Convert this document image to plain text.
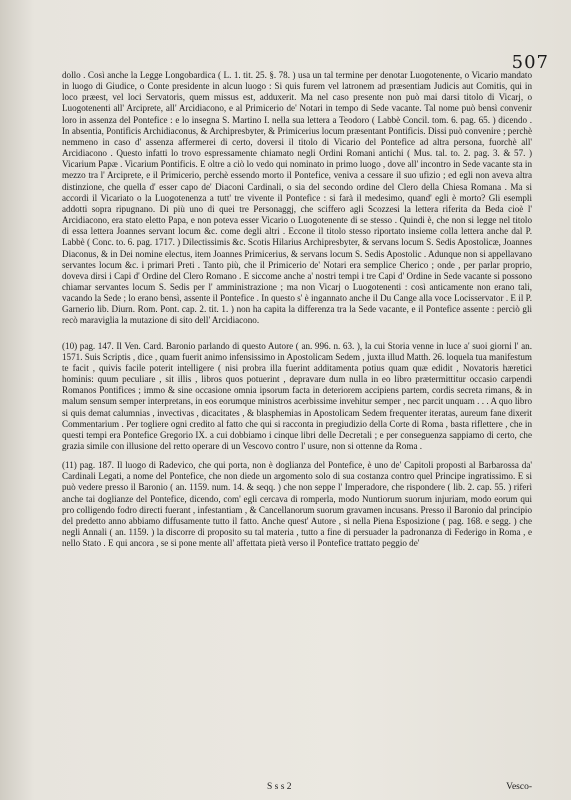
507

dollo . Così anche la Legge Longobardica ( L. 1. tit. 25. §. 78. ) usa un tal termine per denotar Luogotenente, o Vicario mandato in luogo di Giudice, o Conte presidente in alcun luogo : Si quis furem vel latronem ad præsentiam Judicis aut Comitis, qui in loco præest, vel loci Servatoris, quem missus est, adduxerit. Ma nel caso presente non può mai darsi titolo di Vicarj, o Luogotenenti all' Arciprete, all' Arcidiacono, e al Primicerio de' Notari in tempo di Sede vacante. Tal nome può bensì convenir loro in assenza del Pontefice : e lo insegna S. Martino I. nella sua lettera a Teodoro ( Labbè Concil. tom. 6. pag. 65. ) dicendo . In absentia, Pontificis Archidiaconus, & Archipresbyter, & Primicerius locum præsentant Pontificis. Dissi può convenire ; perchè nemmeno in caso d' assenza affermerei di certo, doversi il titolo di Vicario del Pontefice ad altra persona, fuorchè all' Arcidiacono . Questo infatti lo trovo espressamente chiamato negli Ordini Romani antichi ( Mus. tal. to. 2. pag. 3. & 57. ) Vicarium Papæ . Vicarium Pontificis. E oltre a ciò lo vedo qui nominato in primo luogo , dove all' incontro in Sede vacante sta in mezzo tra l' Arciprete, e il Primicerio, perchè essendo morto il Pontefice, veniva a cessare il suo ufizio ; ed egli non aveva altra distinzione, che quella d' esser capo de' Diaconi Cardinali, o sia del secondo ordine del Clero della Chiesa Romana . Ma si accordi il Vicariato o la Luogotenenza a tutt' tre vivente il Pontefice : si farà il medesimo, quand' egli è morto? Gli esempli addotti sopra ripugnano. Di più uno di quei tre Personaggj, che sciffero agli Scozzesi la lettera riferita da Beda cioè l' Arcidiacono, era stato eletto Papa, e non poteva esser Vicario o Luogotenente di se stesso . Quindi è, che non si legge nel titolo di essa lettera Joannes servant locum &c. come degli altri . Eccone il titolo stesso riportato insieme colla lettera anche dal P. Labbè ( Conc. to. 6. pag. 1717. ) Dilectissimis &c. Scotis Hilarius Archipresbyter, & servans locum S. Sedis Apostolicæ, Joannes Diaconus, & in Dei nomine electus, item Joannes Primicerius, & servans locum S. Sedis Apostolic . Adunque non si appellavano servantes locum &c. i primari Preti . Tanto più, che il Primicerio de' Notari era semplice Cherico ; onde , per parlar proprio, doveva dirsi i Capi d' Ordine del Clero Romano . E siccome anche a' nostri tempi i tre Capi d' Ordine in Sede vacante si possono chiamar servantes locum S. Sedis per l' amministrazione ; ma non Vicarj o Luogotenenti : così anticamente non erano tali, vacando la Sede ; lo erano bensì, assente il Pontefice . In questo s' è ingannato anche il Du Cange alla voce Locisservator . E il P. Garnerio lib. Diurn. Rom. Pont. cap. 2. tit. 1. ) non ha capita la differenza tra la Sede vacante, e il Pontefice assente : perciò gli recò maraviglia la mutazione di sito dell' Arcidiacono.

(10) pag. 147. Il Ven. Card. Baronio parlando di questo Autore ( an. 996. n. 63. ), la cui Storia venne in luce a' suoi giorni l' an. 1571. Suis Scriptis , dice , quam fuerit animo infensissimo in Apostolicam Sedem , juxta illud Matth. 26. loquela tua manifestum te facit , quivis facile poterit intelligere ( nisi probra illa fuerint additamenta potius quam quæ edidit , Novatoris hæretici hominis: quum peculiare , sit illis , libros quos potuerint , depravare dum nulla in eo libro prætermittitur occasio carpendi Romanos Pontifices ; immo & sine occasione omnia ipsorum facta in deteriorem accipiens partem, cordis secreta rimans, & in malum sensum semper interpretans, in eos eorumque ministros acerbissime invehitur semper , nec parcit unquam . . . A quo libro si quis demat calumnias , invectivas , dicacitates , & blasphemias in Apostolicam Sedem frequenter iteratas, aureum fane dixerit Commentarium . Per togliere ogni credito al fatto che qui si racconta in pregiudizio della Corte di Roma , basta riflettere , che in questi tempi era Pontefice Gregorio IX. a cui dobbiamo i cinque libri delle Decretali ; e per conseguenza sappiamo di certo, che grazia simile con illusione del retto operare di un Vescovo contro l' usure, non si ottenne da Roma .

(11) pag. 187. Il luogo di Radevico, che qui porta, non è doglianza del Pontefice, è uno de' Capitoli proposti al Barbarossa da' Cardinali Legati, a nome del Pontefice, che non diede un argomento solo di sua costanza contro quel Principe ingratissimo. E si può vedere presso il Baronio ( an. 1159. num. 14. & seqq. ) che non seppe l' Imperadore, che rispondere ( lib. 2. cap. 55. ) riferì anche tai doglianze del Pontefice, dicendo, com' egli cercava di romperla, modo Nuntiorum suorum injuriam, modo eorum qui pro colligendo fodro directi fuerant , infestantiam , & Cancellanorum suorum gravamen incusans. Presso il Baronio dal principio del predetto anno abbiamo diffusamente tutto il fatto. Anche quest' Autore , si nella Piena Esposizione ( pag. 168. e segg. ) che negli Annali ( an. 1159. ) la discorre di proposito su tal materia , tutto a fine di persuader la padronanza di Federigo in Roma , e nello Stato . E qui ancora , se si pone mente all' affettata pietà verso il Pontefice trattato peggio de'

S s s 2	Vesco-
